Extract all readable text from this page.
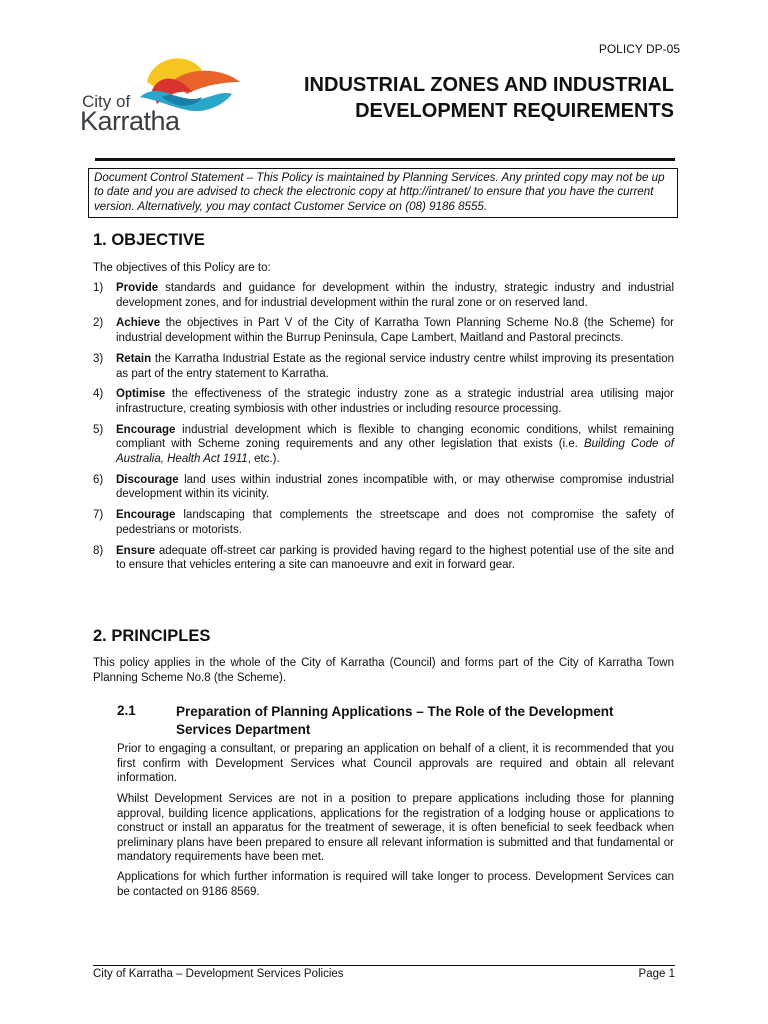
POLICY DP-05
City of
Karratha
INDUSTRIAL ZONES AND INDUSTRIAL
DEVELOPMENT REQUIREMENTS
Document Control Statement – This Policy is maintained by Planning Services. Any printed copy may not be up to date and you are advised to check the electronic copy at http://intranet/ to ensure that you have the current version. Alternatively, you may contact Customer Service on (08) 9186 8555.
1. OBJECTIVE
The objectives of this Policy are to:
1) Provide standards and guidance for development within the industry, strategic industry and industrial development zones, and for industrial development within the rural zone or on reserved land.
2) Achieve the objectives in Part V of the City of Karratha Town Planning Scheme No.8 (the Scheme) for industrial development within the Burrup Peninsula, Cape Lambert, Maitland and Pastoral precincts.
3) Retain the Karratha Industrial Estate as the regional service industry centre whilst improving its presentation as part of the entry statement to Karratha.
4) Optimise the effectiveness of the strategic industry zone as a strategic industrial area utilising major infrastructure, creating symbiosis with other industries or including resource processing.
5) Encourage industrial development which is flexible to changing economic conditions, whilst remaining compliant with Scheme zoning requirements and any other legislation that exists (i.e. Building Code of Australia, Health Act 1911, etc.).
6) Discourage land uses within industrial zones incompatible with, or may otherwise compromise industrial development within its vicinity.
7) Encourage landscaping that complements the streetscape and does not compromise the safety of pedestrians or motorists.
8) Ensure adequate off-street car parking is provided having regard to the highest potential use of the site and to ensure that vehicles entering a site can manoeuvre and exit in forward gear.
2. PRINCIPLES
This policy applies in the whole of the City of Karratha (Council) and forms part of the City of Karratha Town Planning Scheme No.8 (the Scheme).
2.1	Preparation of Planning Applications – The Role of the Development Services Department
Prior to engaging a consultant, or preparing an application on behalf of a client, it is recommended that you first confirm with Development Services what Council approvals are required and obtain all relevant information.
Whilst Development Services are not in a position to prepare applications including those for planning approval, building licence applications, applications for the registration of a lodging house or applications to construct or install an apparatus for the treatment of sewerage, it is often beneficial to seek feedback when preliminary plans have been prepared to ensure all relevant information is submitted and that fundamental or mandatory requirements have been met.
Applications for which further information is required will take longer to process. Development Services can be contacted on 9186 8569.
City of Karratha – Development Services Policies	Page 1
